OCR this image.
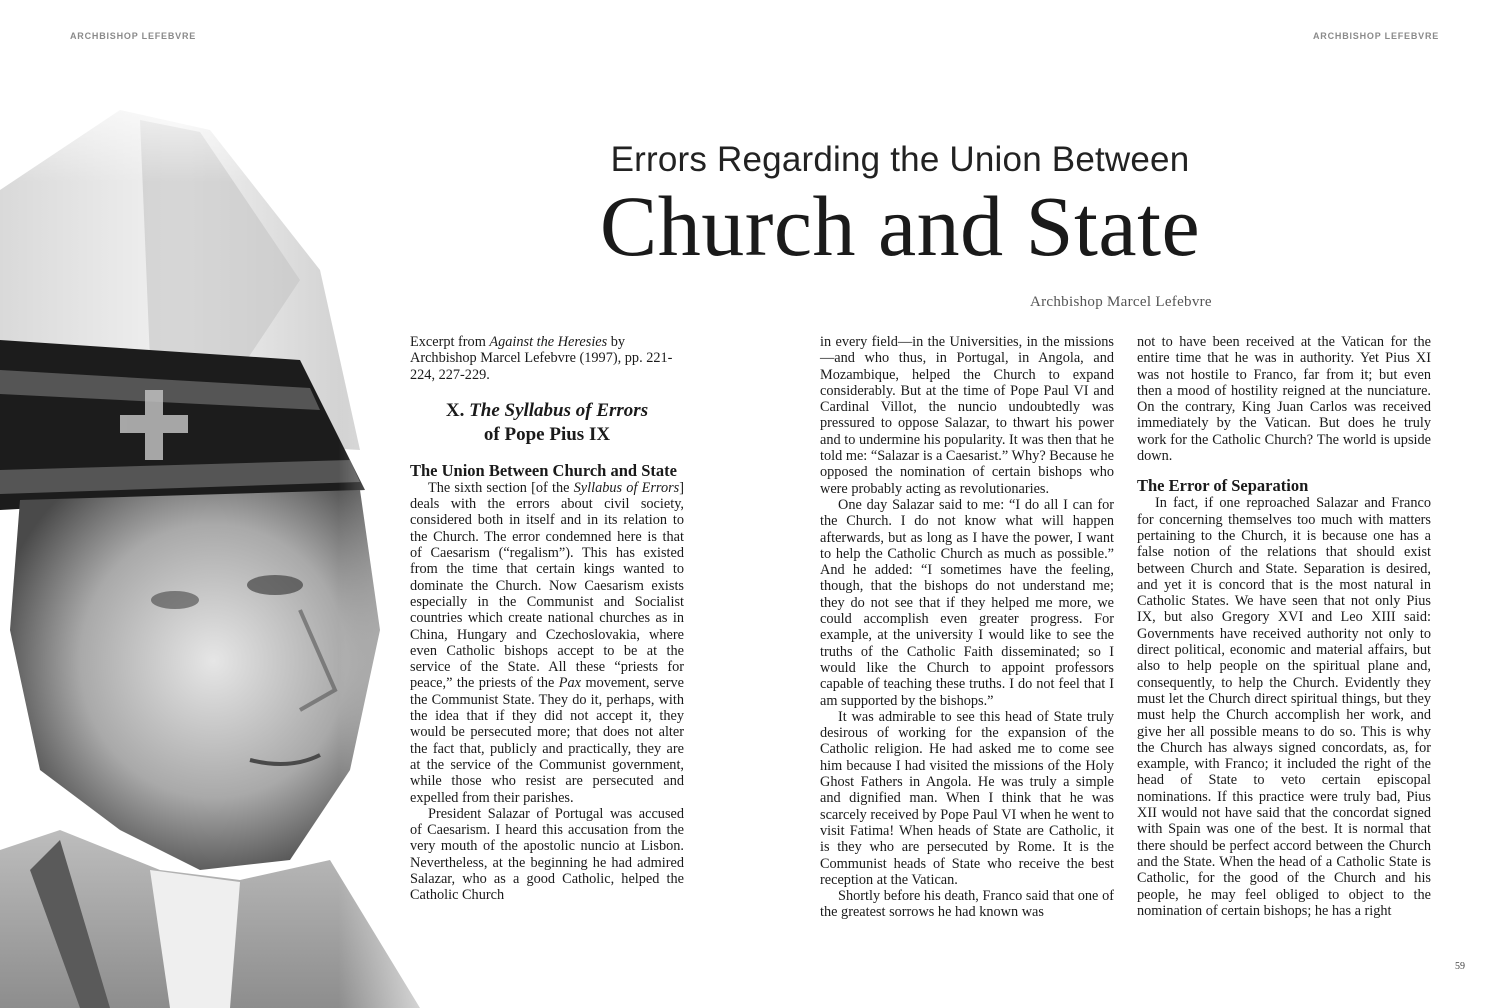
ARCHBISHOP LEFEBVRE	ARCHBISHOP LEFEBVRE
Errors Regarding the Union Between
Church and State
Archbishop Marcel Lefebvre

Excerpt from Against the Heresies by Archbishop Marcel Lefebvre (1997), pp. 221-224, 227-229.

X. The Syllabus of Errors
of Pope Pius IX
The Union Between Church and State

The sixth section [of the Syllabus of Errors] deals with the errors about civil society, considered both in itself and in its relation to the Church. The error condemned here is that of Caesarism (“regalism”). This has existed from the time that certain kings wanted to dominate the Church. Now Caesarism exists especially in the Communist and Socialist countries which create national churches as in China, Hungary and Czechoslovakia, where even Catholic bishops accept to be at the service of the State. All these “priests for peace,” the priests of the Pax movement, serve the Communist State. They do it, perhaps, with the idea that if they did not accept it, they would be persecuted more; that does not alter the fact that, publicly and practically, they are at the service of the Communist government, while those who resist are persecuted and expelled from their parishes.

President Salazar of Portugal was accused of Caesarism. I heard this accusation from the very mouth of the apostolic nuncio at Lisbon. Nevertheless, at the beginning he had admired Salazar, who as a good Catholic, helped the Catholic Church

in every field—in the Universities, in the missions—and who thus, in Portugal, in Angola, and Mozambique, helped the Church to expand considerably. But at the time of Pope Paul VI and Cardinal Villot, the nuncio undoubtedly was pressured to oppose Salazar, to thwart his power and to undermine his popularity. It was then that he told me: “Salazar is a Caesarist.” Why? Because he opposed the nomination of certain bishops who were probably acting as revolutionaries.

One day Salazar said to me: “I do all I can for the Church. I do not know what will happen afterwards, but as long as I have the power, I want to help the Catholic Church as much as possible.” And he added: “I sometimes have the feeling, though, that the bishops do not understand me; they do not see that if they helped me more, we could accomplish even greater progress. For example, at the university I would like to see the truths of the Catholic Faith disseminated; so I would like the Church to appoint professors capable of teaching these truths. I do not feel that I am supported by the bishops.”

It was admirable to see this head of State truly desirous of working for the expansion of the Catholic religion. He had asked me to come see him because I had visited the missions of the Holy Ghost Fathers in Angola. He was truly a simple and dignified man. When I think that he was scarcely received by Pope Paul VI when he went to visit Fatima! When heads of State are Catholic, it is they who are persecuted by Rome. It is the Communist heads of State who receive the best reception at the Vatican.

Shortly before his death, Franco said that one of the greatest sorrows he had known was

not to have been received at the Vatican for the entire time that he was in authority. Yet Pius XI was not hostile to Franco, far from it; but even then a mood of hostility reigned at the nunciature. On the contrary, King Juan Carlos was received immediately by the Vatican. But does he truly work for the Catholic Church? The world is upside down.

The Error of Separation

In fact, if one reproached Salazar and Franco for concerning themselves too much with matters pertaining to the Church, it is because one has a false notion of the relations that should exist between Church and State. Separation is desired, and yet it is concord that is the most natural in Catholic States. We have seen that not only Pius IX, but also Gregory XVI and Leo XIII said: Governments have received authority not only to direct political, economic and material affairs, but also to help people on the spiritual plane and, consequently, to help the Church. Evidently they must let the Church direct spiritual things, but they must help the Church accomplish her work, and give her all possible means to do so. This is why the Church has always signed concordats, as, for example, with Franco; it included the right of the head of State to veto certain episcopal nominations. If this practice were truly bad, Pius XII would not have said that the concordat signed with Spain was one of the best. It is normal that there should be perfect accord between the Church and the State. When the head of a Catholic State is Catholic, for the good of the Church and his people, he may feel obliged to object to the nomination of certain bishops; he has a right

59
